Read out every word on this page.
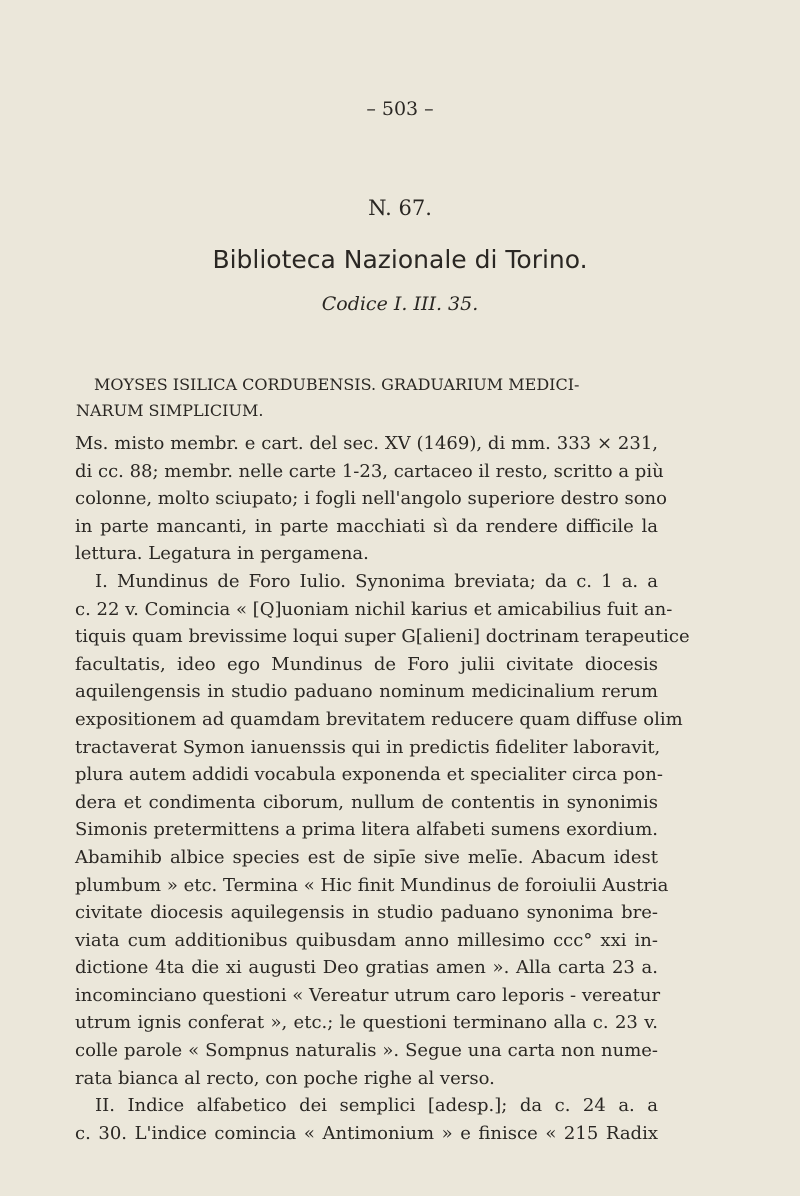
– 503 –
N. 67.
Biblioteca Nazionale di Torino.
Codice I. III. 35.
MOYSES ISILICA CORDUBENSIS. GRADUARIUM MEDICI-
NARUM SIMPLICIUM.
Ms. misto membr. e cart. del sec. XV (1469), di mm. 333 × 231,
di cc. 88; membr. nelle carte 1-23, cartaceo il resto, scritto a più
colonne, molto sciupato; i fogli nell'angolo superiore destro sono
in parte mancanti, in parte macchiati sì da rendere difficile la
lettura. Legatura in pergamena.
I. Mundinus de Foro Iulio. Synonima breviata; da c. 1 a. a
c. 22 v. Comincia « [Q]uoniam nichil karius et amicabilius fuit an-
tiquis quam brevissime loqui super G[alieni] doctrinam terapeutice
facultatis, ideo ego Mundinus de Foro julii civitate diocesis
aquilengensis in studio paduano nominum medicinalium rerum
expositionem ad quamdam brevitatem reducere quam diffuse olim
tractaverat Symon ianuenssis qui in predictis fideliter laboravit,
plura autem addidi vocabula exponenda et specialiter circa pon-
dera et condimenta ciborum, nullum de contentis in synonimis
Simonis pretermittens a prima litera alfabeti sumens exordium.
Abamihib albice species est de sipīe sive melīe. Abacum idest
plumbum » etc. Termina « Hic finit Mundinus de foroiulii Austria
civitate diocesis aquilegensis in studio paduano synonima bre-
viata cum additionibus quibusdam anno millesimo ccc° xxi in-
dictione 4ta die xi augusti Deo gratias amen ». Alla carta 23 a.
incominciano questioni « Vereatur utrum caro leporis - vereatur
utrum ignis conferat », etc.; le questioni terminano alla c. 23 v.
colle parole « Sompnus naturalis ». Segue una carta non nume-
rata bianca al recto, con poche righe al verso.
II. Indice alfabetico dei semplici [adesp.]; da c. 24 a. a
c. 30. L'indice comincia « Antimonium » e finisce « 215 Radix
